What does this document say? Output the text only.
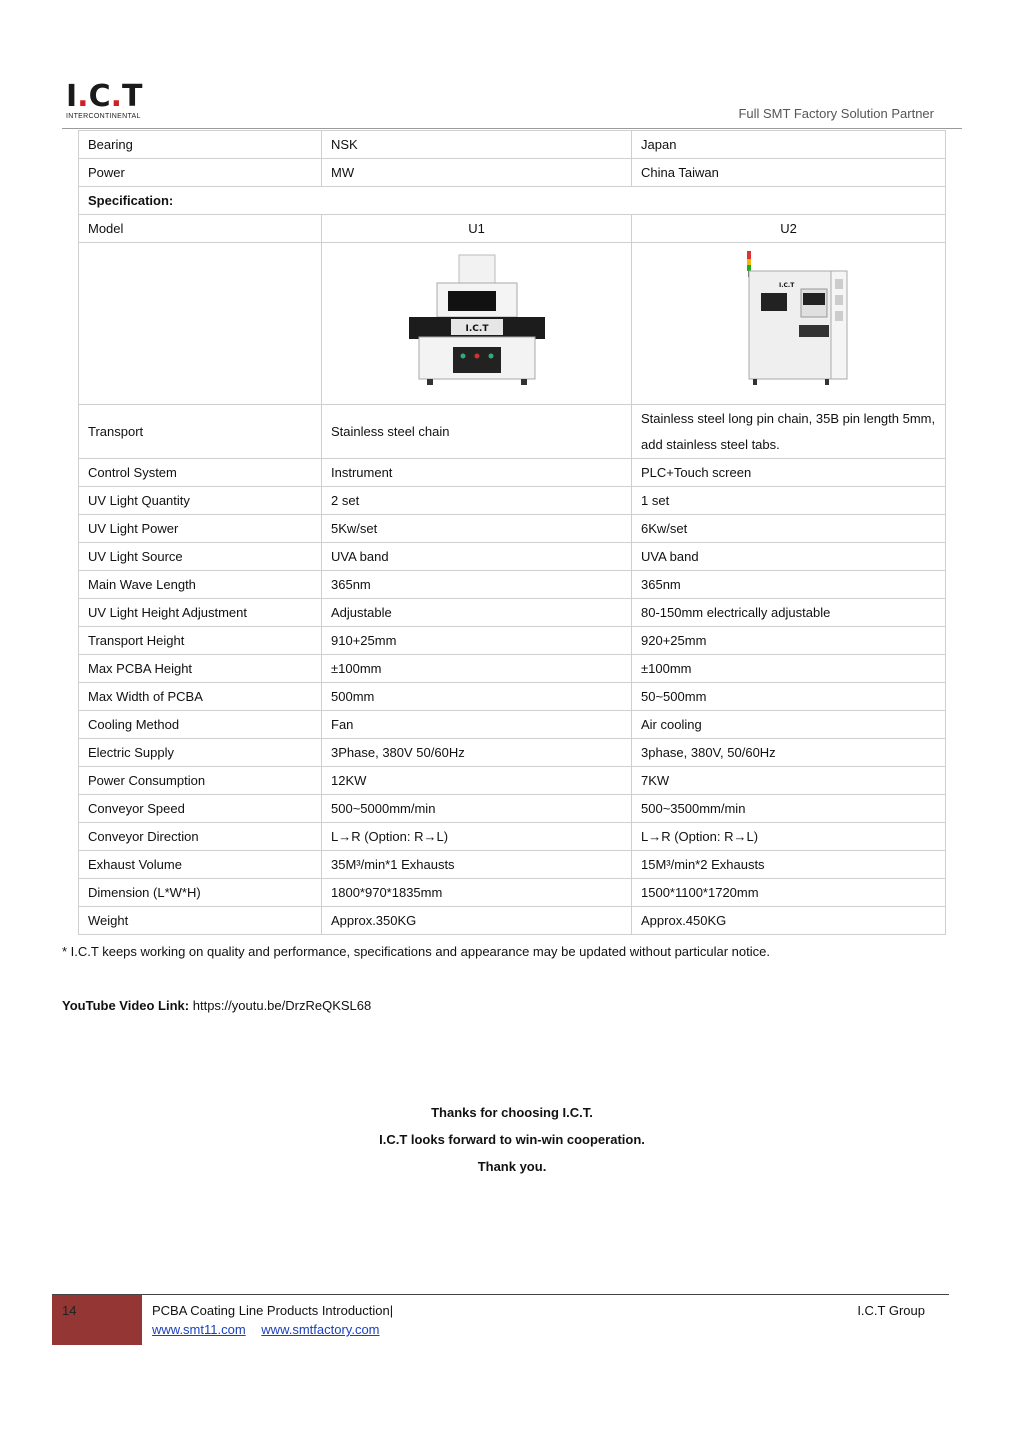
I.C.T
INTERCONTINENTAL	Full SMT Factory Solution Partner
Bearing	NSK	Japan
Power	MW	China Taiwan
Specification:		
Model	U1	U2

I.C.T	I.C.T

Transport	Stainless steel chain	Stainless steel long pin chain, 35B pin length 5mm, add stainless steel tabs.
Control System	Instrument	PLC+Touch screen
UV Light Quantity	2 set	1 set
UV Light Power	5Kw/set	6Kw/set
UV Light Source	UVA band	UVA band
Main Wave Length	365nm	365nm
UV Light Height Adjustment	Adjustable	80-150mm electrically adjustable
Transport Height	910+25mm	920+25mm
Max PCBA Height	±100mm	±100mm
Max Width of PCBA	500mm	50~500mm
Cooling Method	Fan	Air cooling
Electric Supply	3Phase, 380V 50/60Hz	3phase, 380V, 50/60Hz
Power Consumption	12KW	7KW
Conveyor Speed	500~5000mm/min	500~3500mm/min
Conveyor Direction	L→R (Option: R→L)	L→R (Option: R→L)
Exhaust Volume	35M³/min*1 Exhausts	15M³/min*2 Exhausts
Dimension (L*W*H)	1800*970*1835mm	1500*1100*1720mm
Weight	Approx.350KG	Approx.450KG
* I.C.T keeps working on quality and performance, specifications and appearance may be updated without particular notice.
YouTube Video Link: https://youtu.be/DrzReQKSL68
Thanks for choosing I.C.T.
I.C.T looks forward to win-win cooperation.
Thank you.
14	PCBA Coating Line Products Introduction|
www.smt11.com www.smtfactory.com
I.C.T Group
